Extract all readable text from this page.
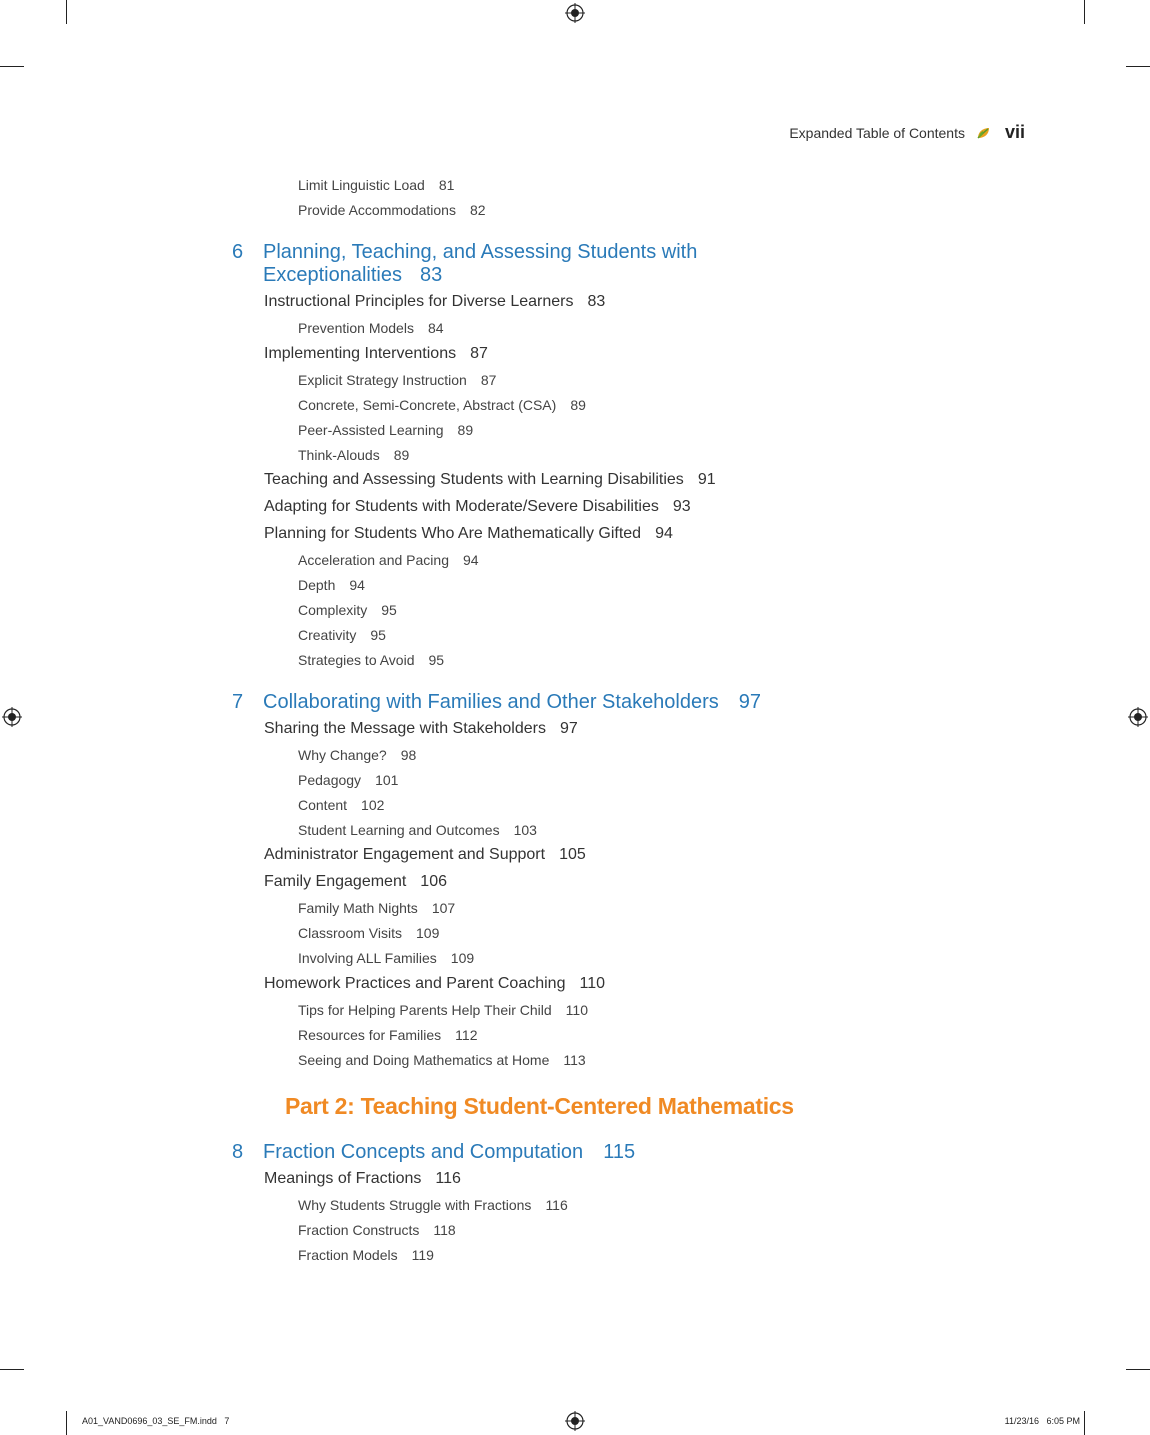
Expanded Table of Contents vii
Limit Linguistic Load 81
Provide Accommodations 82
6 Planning, Teaching, and Assessing Students with
Exceptionalities 83
Instructional Principles for Diverse Learners 83
Prevention Models 84
Implementing Interventions 87
Explicit Strategy Instruction 87
Concrete, Semi-Concrete, Abstract (CSA) 89
Peer-Assisted Learning 89
Think-Alouds 89
Teaching and Assessing Students with Learning Disabilities 91
Adapting for Students with Moderate/Severe Disabilities 93
Planning for Students Who Are Mathematically Gifted 94
Acceleration and Pacing 94
Depth 94
Complexity 95
Creativity 95
Strategies to Avoid 95
7 Collaborating with Families and Other Stakeholders 97
Sharing the Message with Stakeholders 97
Why Change? 98
Pedagogy 101
Content 102
Student Learning and Outcomes 103
Administrator Engagement and Support 105
Family Engagement 106
Family Math Nights 107
Classroom Visits 109
Involving ALL Families 109
Homework Practices and Parent Coaching 110
Tips for Helping Parents Help Their Child 110
Resources for Families 112
Seeing and Doing Mathematics at Home 113
Part 2: Teaching Student-Centered Mathematics
8 Fraction Concepts and Computation 115
Meanings of Fractions 116
Why Students Struggle with Fractions 116
Fraction Constructs 118
Fraction Models 119
A01_VAND0696_03_SE_FM.indd   7	11/23/16   6:05 PM
